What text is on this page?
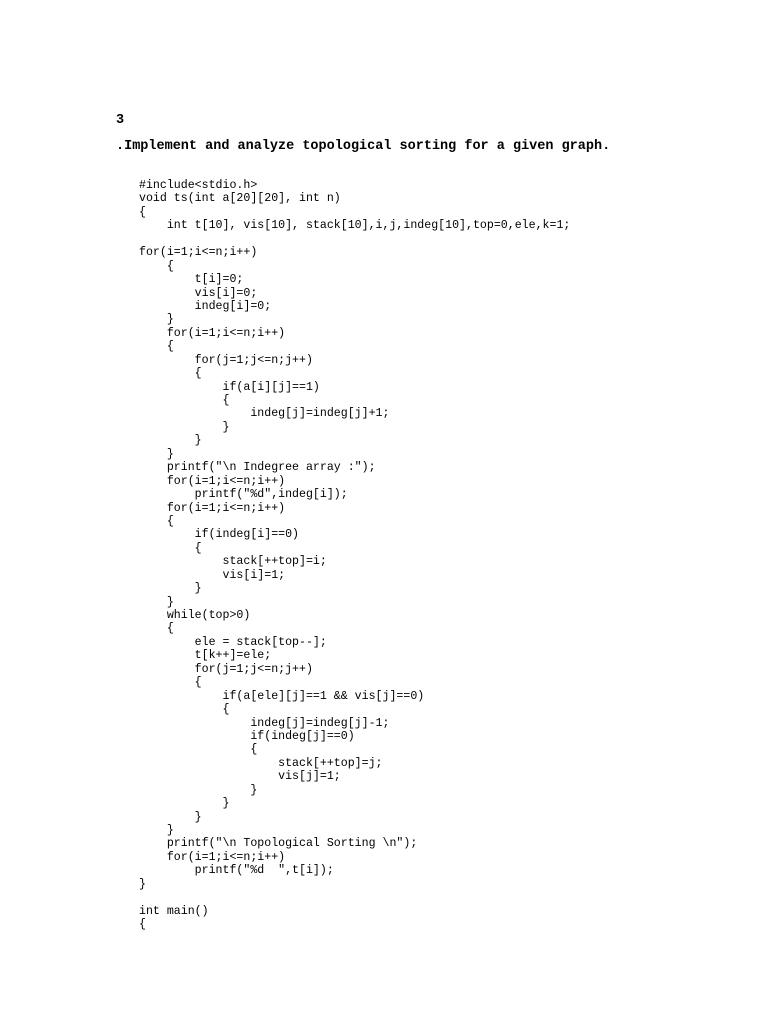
3

.Implement and analyze topological sorting for a given graph.

#include<stdio.h>
void ts(int a[20][20], int n)
{
int t[10], vis[10], stack[10],i,j,indeg[10],top=0,ele,k=1;
for(i=1;i<=n;i++)
{
t[i]=0;
vis[i]=0;
indeg[i]=0;
}
for(i=1;i<=n;i++)
{
for(j=1;j<=n;j++)
{
if(a[i][j]==1)
{
indeg[j]=indeg[j]+1;
}
}
}
printf("\n Indegree array :");
for(i=1;i<=n;i++)
printf("%d",indeg[i]);
for(i=1;i<=n;i++)
{
if(indeg[i]==0)
{
stack[++top]=i;
vis[i]=1;
}
}
while(top>0)
{
ele = stack[top--];
t[k++]=ele;
for(j=1;j<=n;j++)
{
if(a[ele][j]==1 && vis[j]==0)
{
indeg[j]=indeg[j]-1;
if(indeg[j]==0)
{
stack[++top]=j;
vis[j]=1;
}
}
}
}
printf("\n Topological Sorting \n");
for(i=1;i<=n;i++)
printf("%d  ",t[i]);
}
int main()
{
